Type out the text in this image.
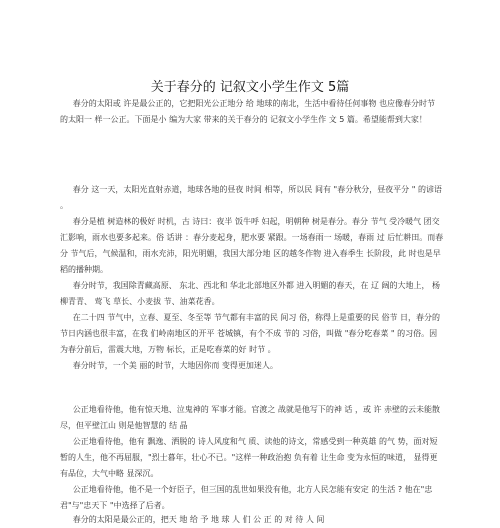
关于春分的 记叙文小学生作文 5篇

春分的太阳或 许是最公正的，它把阳光公正地分 给 地球的南北，生活中看待任何事物 也应像春分时节 的太阳一 样一公正。下面是小 编为大家 带来的关于春分的 记叙文小学生作 文 5 篇。希望能帮到大家！

春分 这一天，太阳光直射赤道，地球各地的昼夜 时间 相等，所以民 间有 "春分秋分，昼夜平分 " 的谚语 。

春分是植 树造林的极好 时机，古 诗曰：夜半 饭牛呼 妇起，明朝种 树是春分。春分 节气 受冷暖气 团交汇影响，雨水也要多起来。俗 话讲 ：春分麦起身，肥水要 紧跟。一场春雨一 场暖，春雨 过 后忙耕田。而春分 节气后，气候温和，雨水充沛，阳光明媚，我国大部分地 区的越冬作物 进入春季生 长阶段，此 时也是早稻的播种期。

春分时节，我国除青藏高原、 东北、西北和 华北北部地区外都 进入明媚的春天，在 辽 阔的大地上， 杨柳青青、 莺飞 草长、小麦拔 节、油菜花香。

在二十四 节气中，立春、夏至、冬至等 节气都有丰富的民 间习 俗，称得上是重要的民 俗节 日，春分的 节日内涵也很丰富，在我 们岭南地区的开平 苍城镇，有个不成 节的 习俗，叫做 "春分吃春菜 " 的习俗。因 为春分前后，雷震大地，万物 标长，正是吃春菜的好 时节 。

春分时节，一个美 丽的时节，大地因你而 变得更加迷人。

公正地看待他，他有惊天地、泣鬼神的 军事才能。官渡之 战就是他写下的神 话 ，或 许 赤壁的云未能散尽，但平壁江山 则是他智慧的 结 晶

公正地看待他，他有 飘逸、洒脱的 诗人风度和气 质、读他的诗文，常感受到一种英雄 的气 势，面对短暂的人生，他不再屈服，"烈士暮年，壮心不已。"这样一种政治抱 负有着 让生命 变为永恒的味道， 显得更有品位，大气中略 显深沉。

公正地看待他，他不是一个好臣子，但三国的乱世如果没有他，北方人民怎能有安定 的生活 ? 他在"忠君"与"忠天下 "中选择了后者。

春分的太阳是最公正的，把天 地 给 予 地 球 人 们 公 正 的 对 待 人 间
